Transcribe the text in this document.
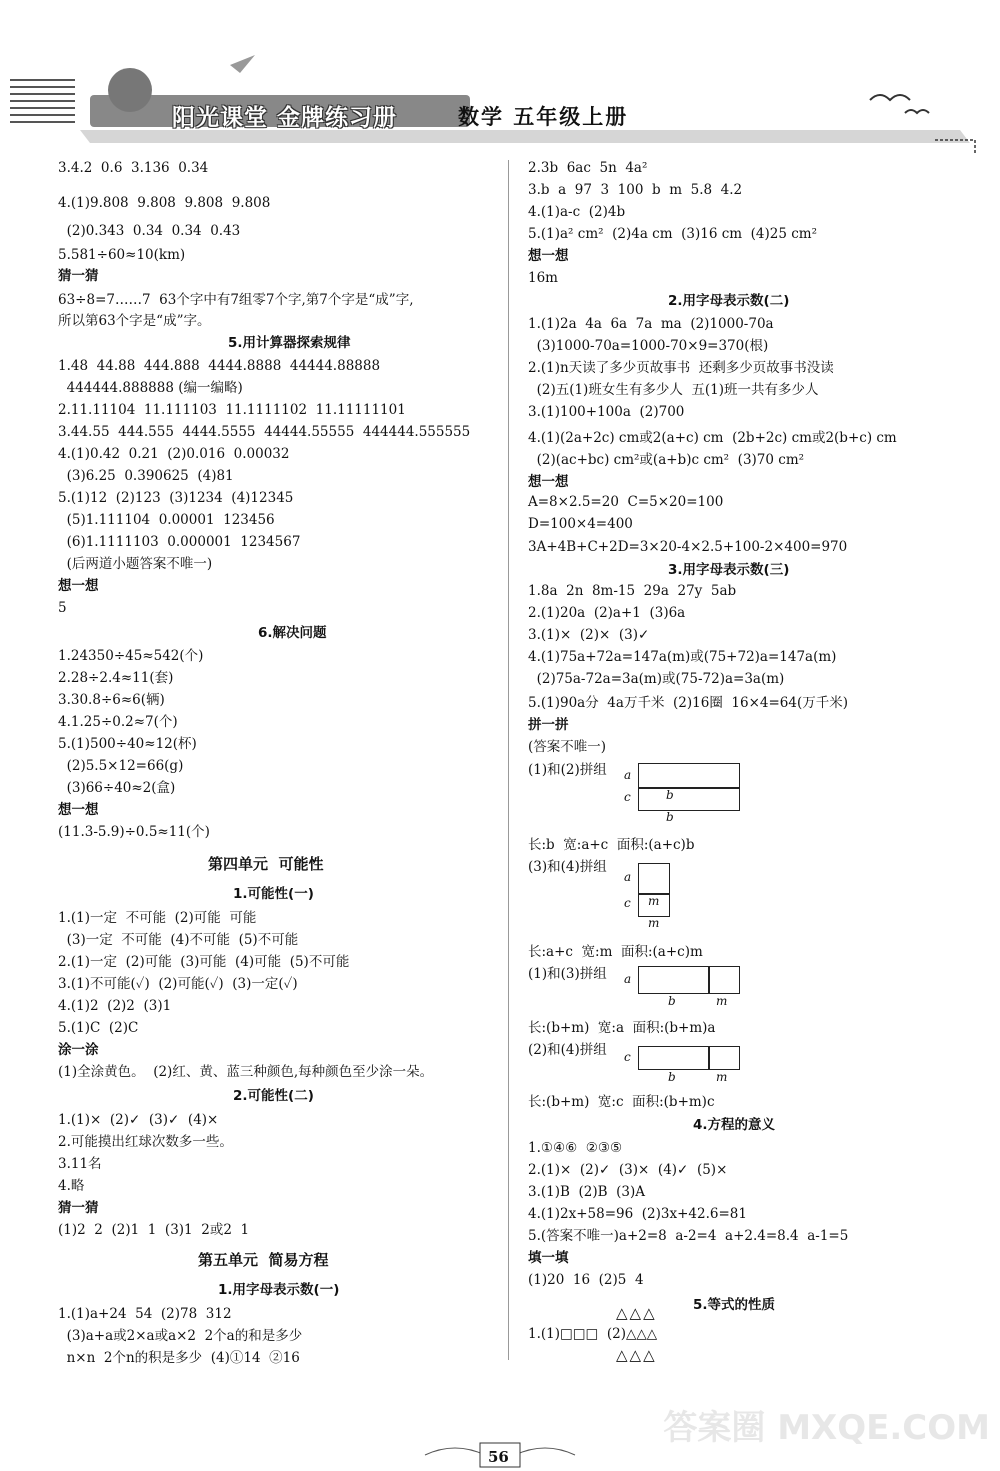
阳光课堂 金牌练习册	数学 五年级上册
3.4.2  0.6  3.136  0.34
4.(1)9.808  9.808  9.808  9.808
(2)0.343  0.34  0.34  0.43
5.581÷60≈10(km)
猜一猜
63÷8=7……7  63个字中有7组零7个字,第7个字是“成”字,
所以第63个字是“成”字。
5.用计算器探索规律
1.48  44.88  444.888  4444.8888  44444.88888
444444.888888 (编一编略)
2.11.11104  11.111103  11.1111102  11.11111101
3.44.55  444.555  4444.5555  44444.55555  444444.555555
4.(1)0.42  0.21  (2)0.016  0.00032
(3)6.25  0.390625  (4)81
5.(1)12  (2)123  (3)1234  (4)12345
(5)1.111104  0.00001  123456
(6)1.1111103  0.000001  1234567
(后两道小题答案不唯一)
想一想
5
6.解决问题
1.24350÷45≈542(个)
2.28÷2.4≈11(套)
3.30.8÷6≈6(辆)
4.1.25÷0.2≈7(个)
5.(1)500÷40≈12(杯)
(2)5.5×12=66(g)
(3)66÷40≈2(盒)
想一想
(11.3-5.9)÷0.5≈11(个)
第四单元  可能性
1.可能性(一)
1.(1)一定  不可能  (2)可能  可能
(3)一定  不可能  (4)不可能  (5)不可能
2.(1)一定  (2)可能  (3)可能  (4)可能  (5)不可能
3.(1)不可能(✓)  (2)可能(✓)  (3)一定(✓)
4.(1)2  (2)2  (3)1
5.(1)C  (2)C
涂一涂
(1)全涂黄色。  (2)红、黄、蓝三种颜色,每种颜色至少涂一朵。
2.可能性(二)
1.(1)×  (2)✓  (3)✓  (4)×
2.可能摸出红球次数多一些。
3.11名
4.略
猜一猜
(1)2  2  (2)1  1  (3)1  2或2  1
第五单元  简易方程
1.用字母表示数(一)
1.(1)a+24  54  (2)78  312
(3)a+a或2×a或a×2  2个a的和是多少
n×n  2个n的积是多少  (4)①14  ②16
2.3b  6ac  5n  4a²
3.b  a  97  3  100  b  m  5.8  4.2
4.(1)a-c  (2)4b
5.(1)a² cm²  (2)4a cm  (3)16 cm  (4)25 cm²
想一想
16m
2.用字母表示数(二)
1.(1)2a  4a  6a  7a  ma  (2)1000-70a
(3)1000-70a=1000-70×9=370(根)
2.(1)n天读了多少页故事书  还剩多少页故事书没读
(2)五(1)班女生有多少人  五(1)班一共有多少人
3.(1)100+100a  (2)700
4.(1)(2a+2c) cm或2(a+c) cm  (2b+2c) cm或2(b+c) cm
(2)(ac+bc) cm²或(a+b)c cm²  (3)70 cm²
想一想
A=8×2.5=20  C=5×20=100
D=100×4=400
3A+4B+C+2D=3×20-4×2.5+100-2×400=970
3.用字母表示数(三)
1.8a  2n  8m-15  29a  27y  5ab
2.(1)20a  (2)a+1  (3)6a
3.(1)×  (2)×  (3)✓
4.(1)75a+72a=147a(m)或(75+72)a=147a(m)
(2)75a-72a=3a(m)或(75-72)a=3a(m)
5.(1)90a分  4a万千米  (2)16圈  16×4=64(万千米)
拼一拼
(答案不唯一)
(1)和(2)拼组 a
c	b
b
长:b  宽:a+c  面积:(a+c)b
(3)和(4)拼组
a
c m
m
长:a+c  宽:m  面积:(a+c)m
(1)和(3)拼组 a
b	m
长:(b+m)  宽:a  面积:(b+m)a
(2)和(4)拼组 c
b	m
长:(b+m)  宽:c  面积:(b+m)c
4.方程的意义
1.①④⑥  ②③⑤
2.(1)×  (2)✓  (3)×  (4)✓  (5)×
3.(1)B  (2)B  (3)A
4.(1)2x+58=96  (2)3x+42.6=81
5.(答案不唯一)a+2=8  a-2=4  a+2.4=8.4  a-1=5
填一填
(1)20  16  (2)5  4
5.等式的性质
1.(1)□□□  (2)△△△
△△△
△△△
56
答案圈 MXQE.COM
